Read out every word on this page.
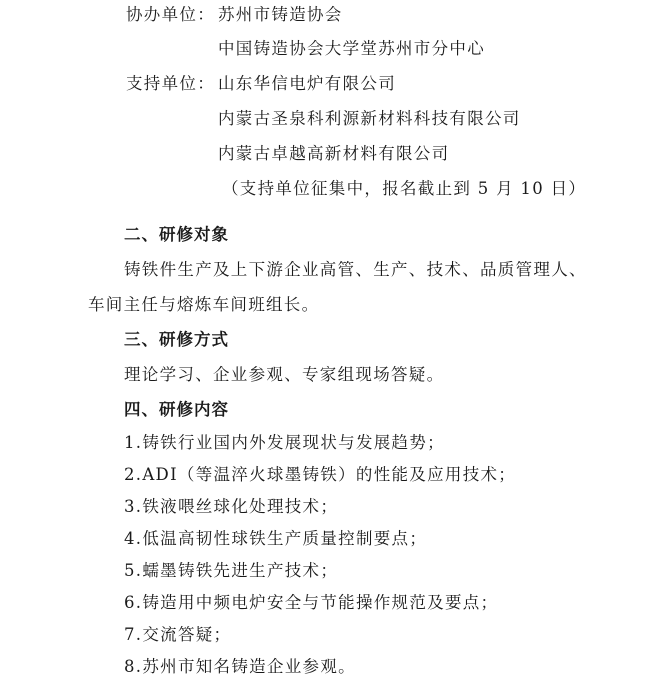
协办单位： 苏州市铸造协会
中国铸造协会大学堂苏州市分中心
支持单位： 山东华信电炉有限公司
内蒙古圣泉科利源新材料科技有限公司
内蒙古卓越高新材料有限公司
（支持单位征集中，报名截止到 5 月 10 日）
二、研修对象
铸铁件生产及上下游企业高管、生产、技术、品质管理人、
车间主任与熔炼车间班组长。
三、研修方式
理论学习、企业参观、专家组现场答疑。
四、研修内容
1.铸铁行业国内外发展现状与发展趋势；
2.ADI（等温淬火球墨铸铁）的性能及应用技术；
3.铁液喂丝球化处理技术；
4.低温高韧性球铁生产质量控制要点；
5.蠕墨铸铁先进生产技术；
6.铸造用中频电炉安全与节能操作规范及要点；
7.交流答疑；
8.苏州市知名铸造企业参观。
